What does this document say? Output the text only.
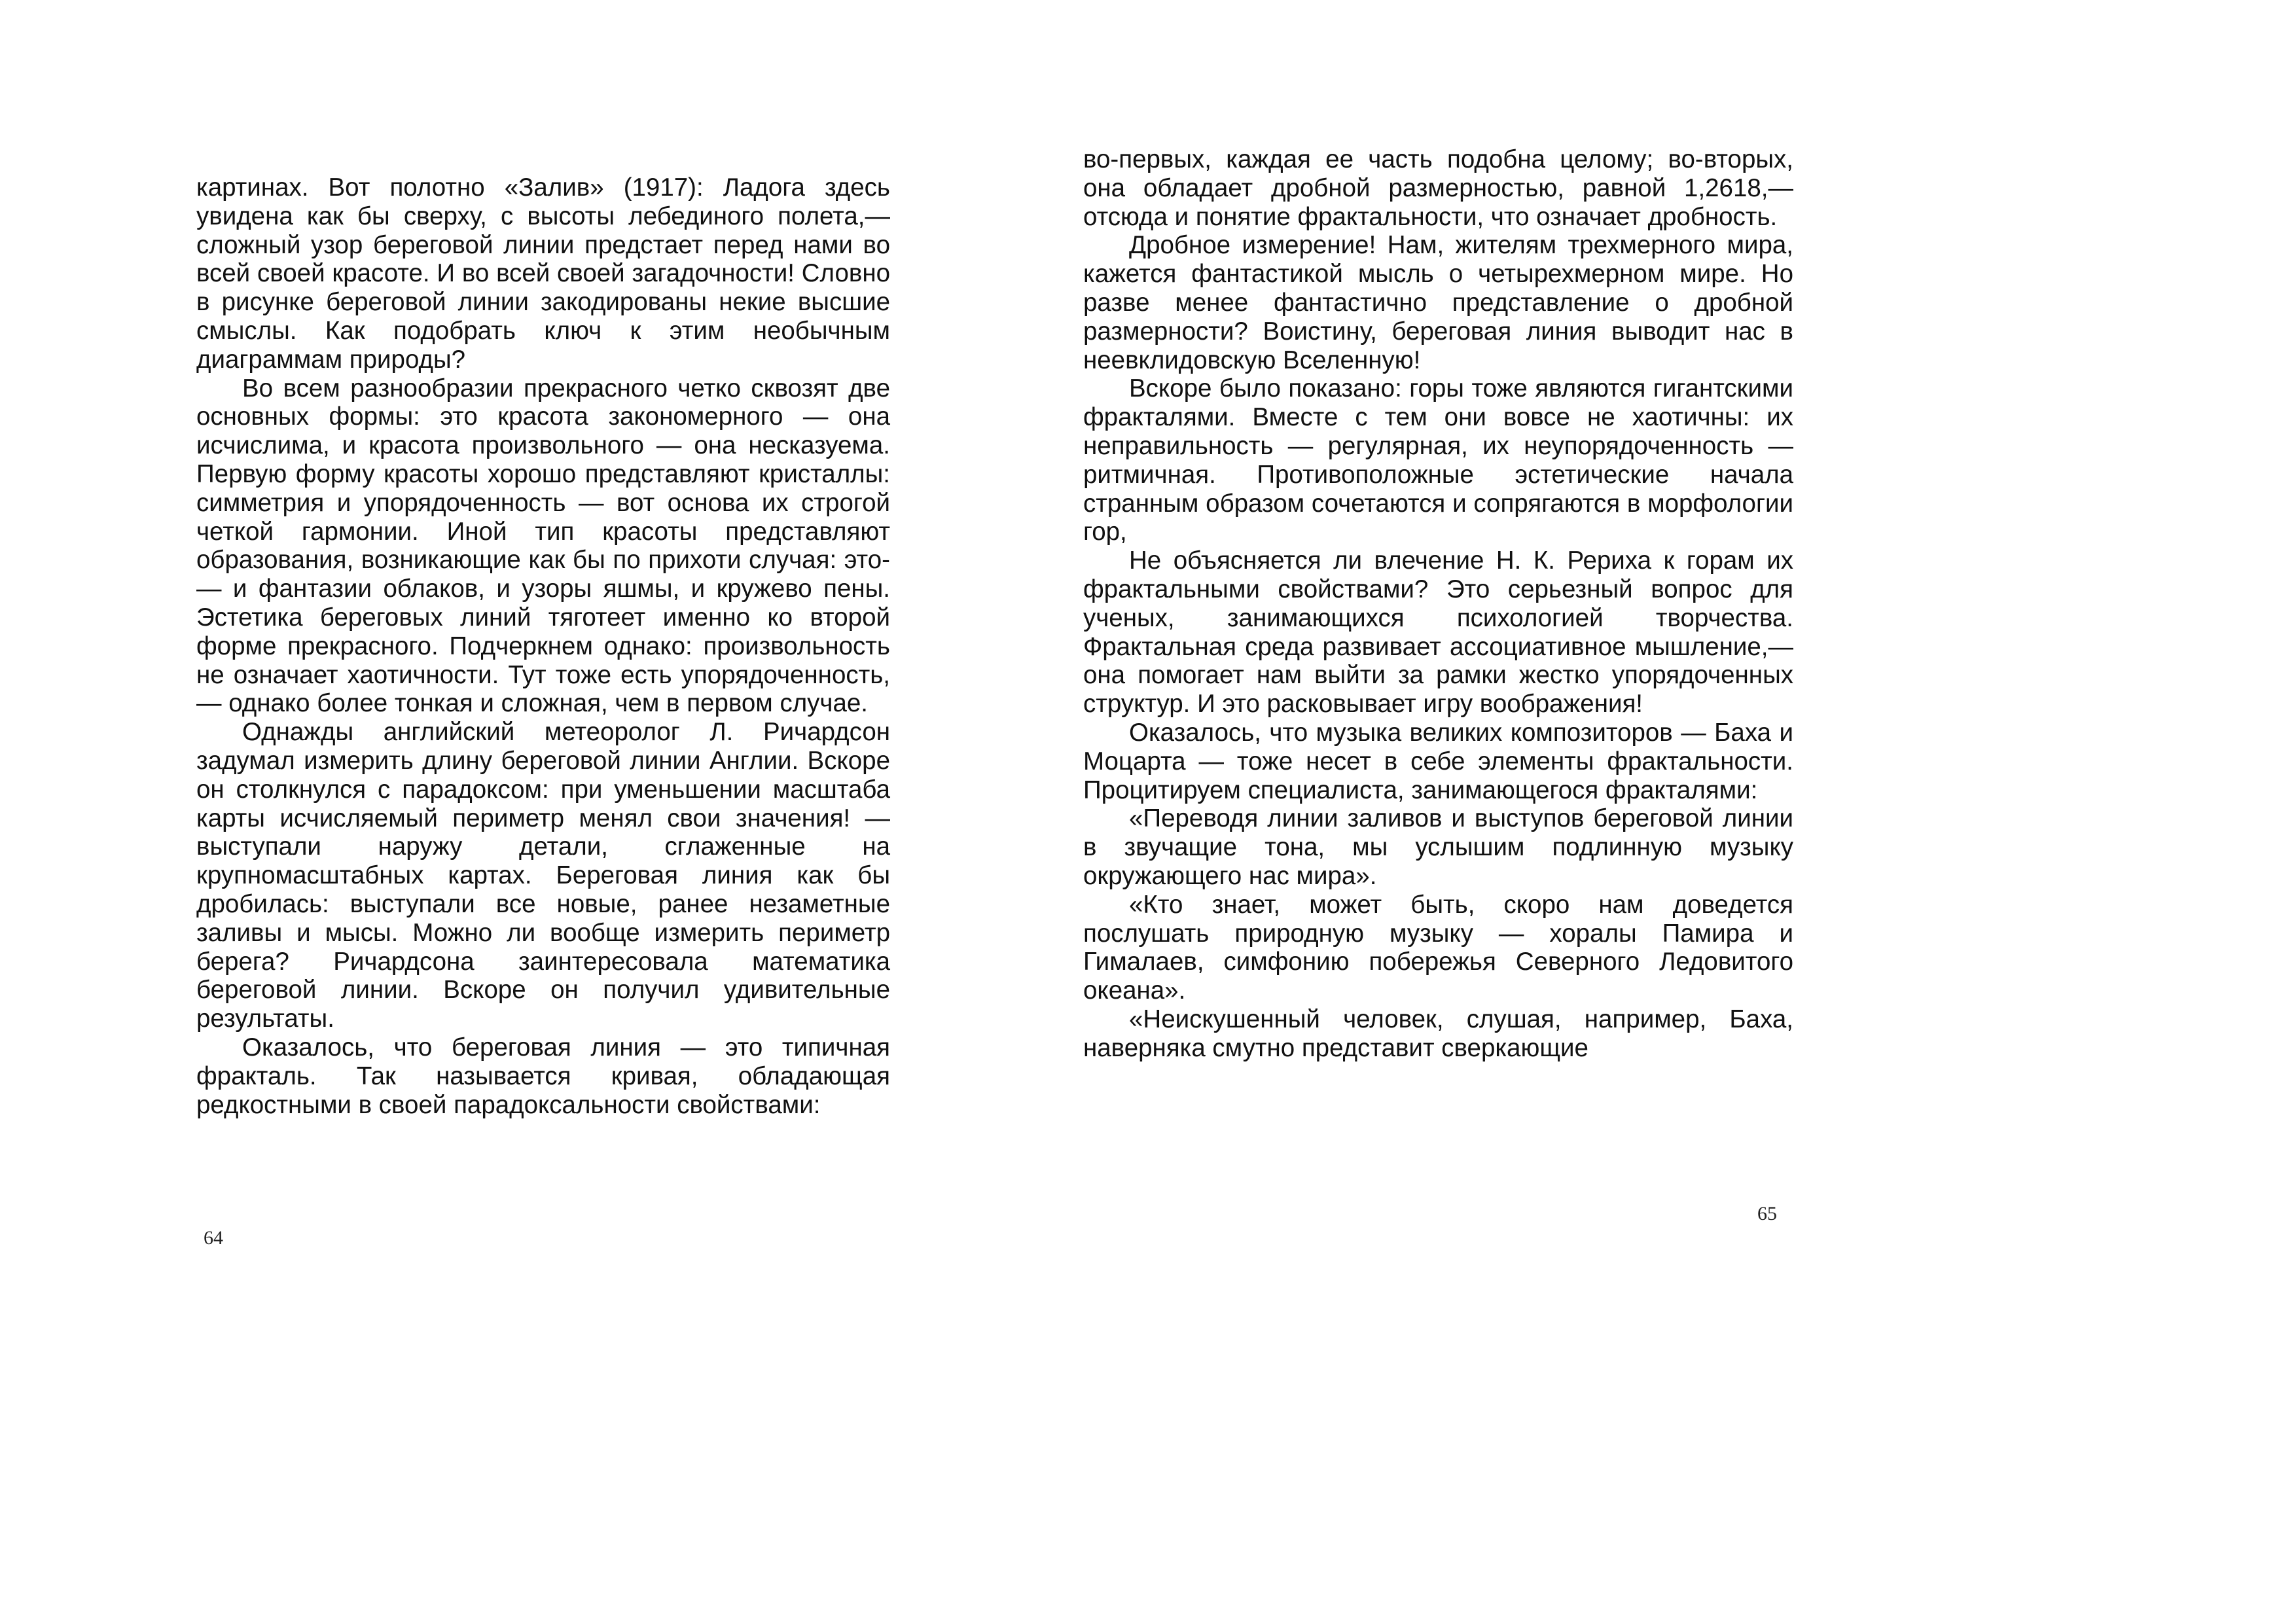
картинах. Вот полотно «Залив» (1917): Ладога здесь увидена как бы сверху, с высоты лебединого полета,— сложный узор береговой линии предстает перед нами во всей своей красоте. И во всей своей загадочности! Словно в рисунке береговой линии закодированы некие высшие смыслы. Как подобрать ключ к этим необычным диаграммам природы?

Во всем разнообразии прекрасного четко сквозят две основных формы: это красота закономерного — она исчислима, и красота произвольного — она несказуема. Первую форму красоты хорошо представляют кристаллы: симметрия и упорядоченность — вот основа их строгой четкой гармонии. Иной тип красоты представляют образования, возникающие как бы по прихоти случая: это-— и фантазии облаков, и узоры яшмы, и кружево пены. Эстетика береговых линий тяготеет именно ко второй форме прекрасного. Подчеркнем однако: произвольность не означает хаотичности. Тут тоже есть упорядоченность,— однако более тонкая и сложная, чем в первом случае.

Однажды английский метеоролог Л. Ричардсон задумал измерить длину береговой линии Англии. Вскоре он столкнулся с парадоксом: при уменьшении масштаба карты исчисляемый периметр менял свои значения! — выступали наружу детали, сглаженные на крупномасштабных картах. Береговая линия как бы дробилась: выступали все новые, ранее незаметные заливы и мысы. Можно ли вообще измерить периметр берега? Ричардсона заинтересовала математика береговой линии. Вскоре он получил удивительные результаты.

Оказалось, что береговая линия — это типичная фракталь. Так называется кривая, обладающая редкостными в своей парадоксальности свойствами:

64

во-первых, каждая ее часть подобна целому; во-вторых, она обладает дробной размерностью, равной 1,2618,— отсюда и понятие фрактальности, что означает дробность.

Дробное измерение! Нам, жителям трехмерного мира, кажется фантастикой мысль о четырехмерном мире. Но разве менее фантастично представление о дробной размерности? Воистину, береговая линия выводит нас в неевклидовскую Вселенную!

Вскоре было показано: горы тоже являются гигантскими фракталями. Вместе с тем они вовсе не хаотичны: их неправильность — регулярная, их неупорядоченность — ритмичная. Противоположные эстетические начала странным образом сочетаются и сопрягаются в морфологии гор,

Не объясняется ли влечение Н. К. Рериха к горам их фрактальными свойствами? Это серьезный вопрос для ученых, занимающихся психологией творчества. Фрактальная среда развивает ассоциативное мышление,— она помогает нам выйти за рамки жестко упорядоченных структур. И это расковывает игру воображения!

Оказалось, что музыка великих композиторов — Баха и Моцарта — тоже несет в себе элементы фрактальности. Процитируем специалиста, занимающегося фракталями:

«Переводя линии заливов и выступов береговой линии в звучащие тона, мы услышим подлинную музыку окружающего нас мира».

«Кто знает, может быть, скоро нам доведется послушать природную музыку — хоралы Памира и Гималаев, симфонию побережья Северного Ледовитого океана».

«Неискушенный человек, слушая, например, Баха, наверняка смутно представит сверкающие

65
